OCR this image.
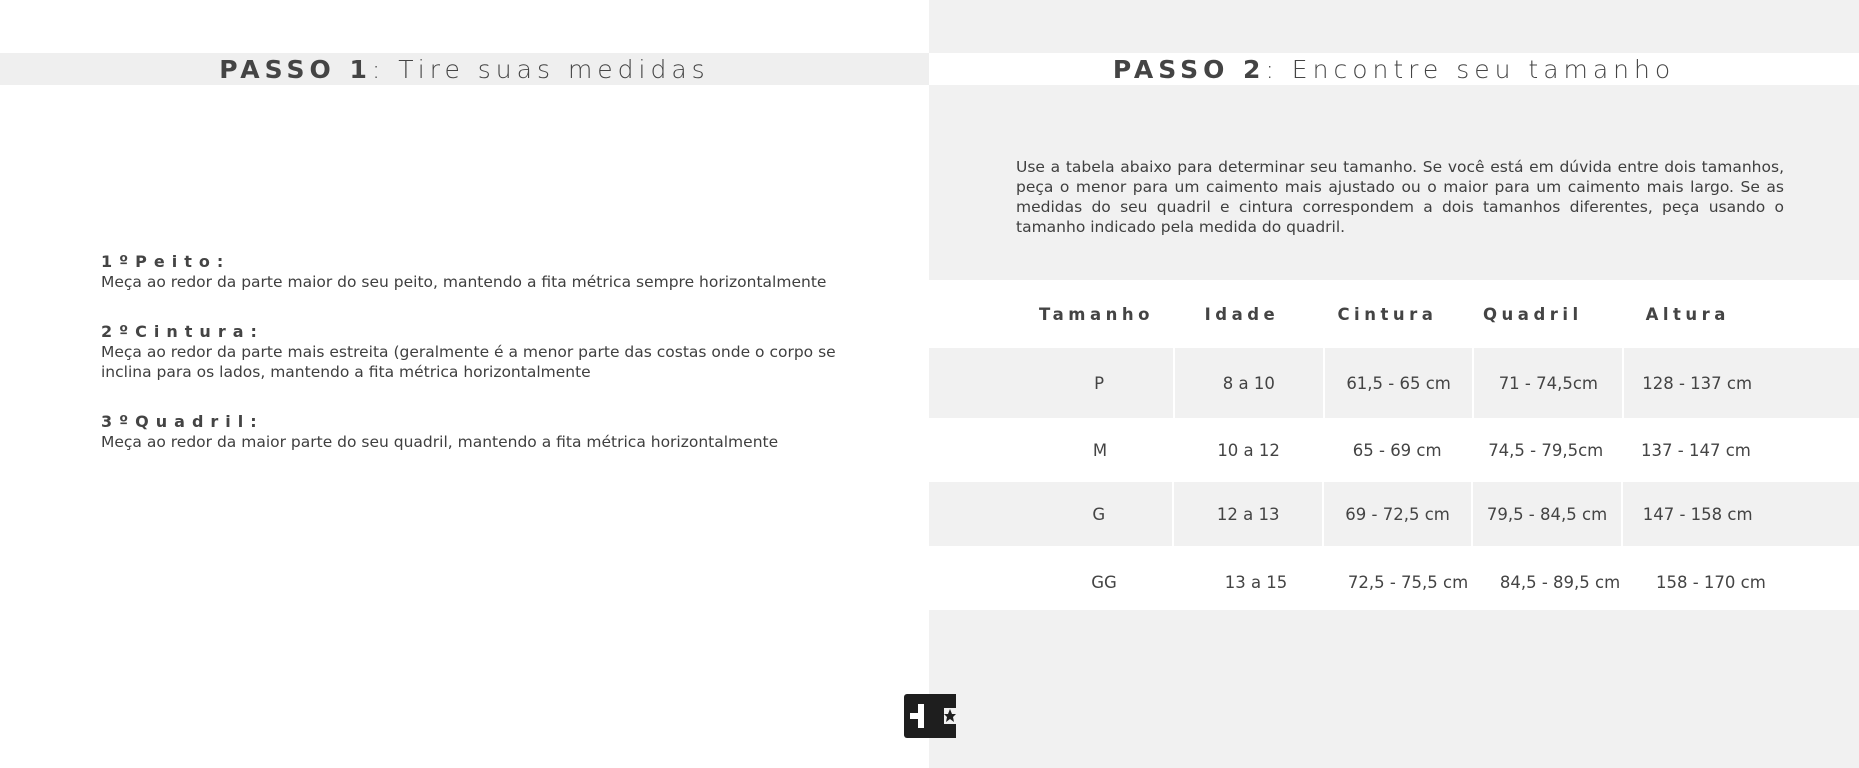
PASSO 1: Tire suas medidas
1ºPeito:
Meça ao redor da parte maior do seu peito, mantendo a fita métrica sempre horizontalmente
2ºCintura:
Meça ao redor da parte mais estreita (geralmente é a menor parte das costas onde o corpo se inclina para os lados, mantendo a fita métrica horizontalmente
3ºQuadril:
Meça ao redor da maior parte do seu quadril, mantendo a fita métrica horizontalmente
PASSO 2: Encontre seu tamanho
Use a tabela abaixo para determinar seu tamanho. Se você está em dúvida entre dois tamanhos, peça o menor para um caimento mais ajustado ou o maior para um caimento mais largo. Se as medidas do seu quadril e cintura correspondem a dois tamanhos diferentes, peça usando o tamanho indicado pela medida do quadril.
Tamanho	Idade	Cintura	Quadril	Altura
P	8 a 10	61,5 - 65 cm	71 - 74,5cm	128 - 137 cm
M	10 a 12	65 - 69 cm	74,5 - 79,5cm	137 - 147 cm
G	12 a 13	69 - 72,5 cm	79,5 - 84,5 cm	147 - 158 cm
GG	13 a 15	72,5 - 75,5 cm	84,5 - 89,5 cm	158 - 170 cm
